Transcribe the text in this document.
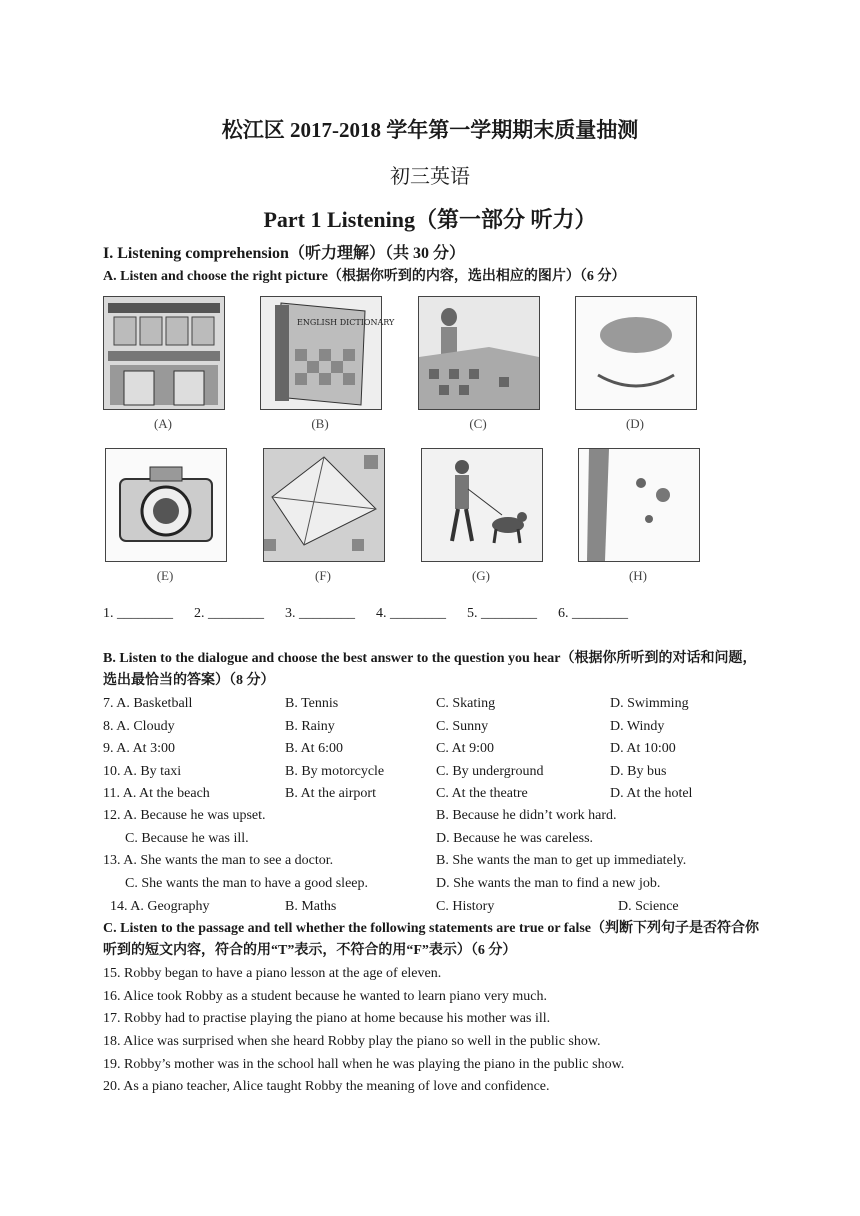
松江区 2017-2018 学年第一学期期末质量抽测
初三英语
Part 1 Listening（第一部分 听力）
I. Listening comprehension（听力理解）（共 30 分）
A. Listen and choose the right picture（根据你听到的内容，选出相应的图片）（6 分）
(A)
ENGLISH DICTIONARY
(B)	(C)	(D)
(E)	(F)	(G)	(H)
1. ________ 2. ________ 3. ________ 4. ________ 5. ________ 6. ________
B. Listen to the dialogue and choose the best answer to the question you hear（根据你所听到的对话和问题，选出最恰当的答案）（8 分）
7. A. Basketball	B. Tennis	C. Skating	D. Swimming
8. A. Cloudy	B. Rainy	C. Sunny	D. Windy
9. A. At 3:00	B. At 6:00	C. At 9:00	D. At 10:00
10. A. By taxi	B. By motorcycle	C. By underground	D. By bus
11. A. At the beach	B. At the airport	C. At the theatre	D. At the hotel
12. A. Because he was upset.	B. Because he didn’t work hard.
C. Because he was ill.	D. Because he was careless.
13. A. She wants the man to see a doctor.	B. She wants the man to get up immediately.
C. She wants the man to have a good sleep.	D. She wants the man to find a new job.
14. A. Geography	B. Maths	C. History	D. Science
C. Listen to the passage and tell whether the following statements are true or false（判断下列句子是否符合你听到的短文内容，符合的用“T”表示，不符合的用“F”表示）（6 分）
15. Robby began to have a piano lesson at the age of eleven.
16. Alice took Robby as a student because he wanted to learn piano very much.
17. Robby had to practise playing the piano at home because his mother was ill.
18. Alice was surprised when she heard Robby play the piano so well in the public show.
19. Robby’s mother was in the school hall when he was playing the piano in the public show.
20. As a piano teacher, Alice taught Robby the meaning of love and confidence.
